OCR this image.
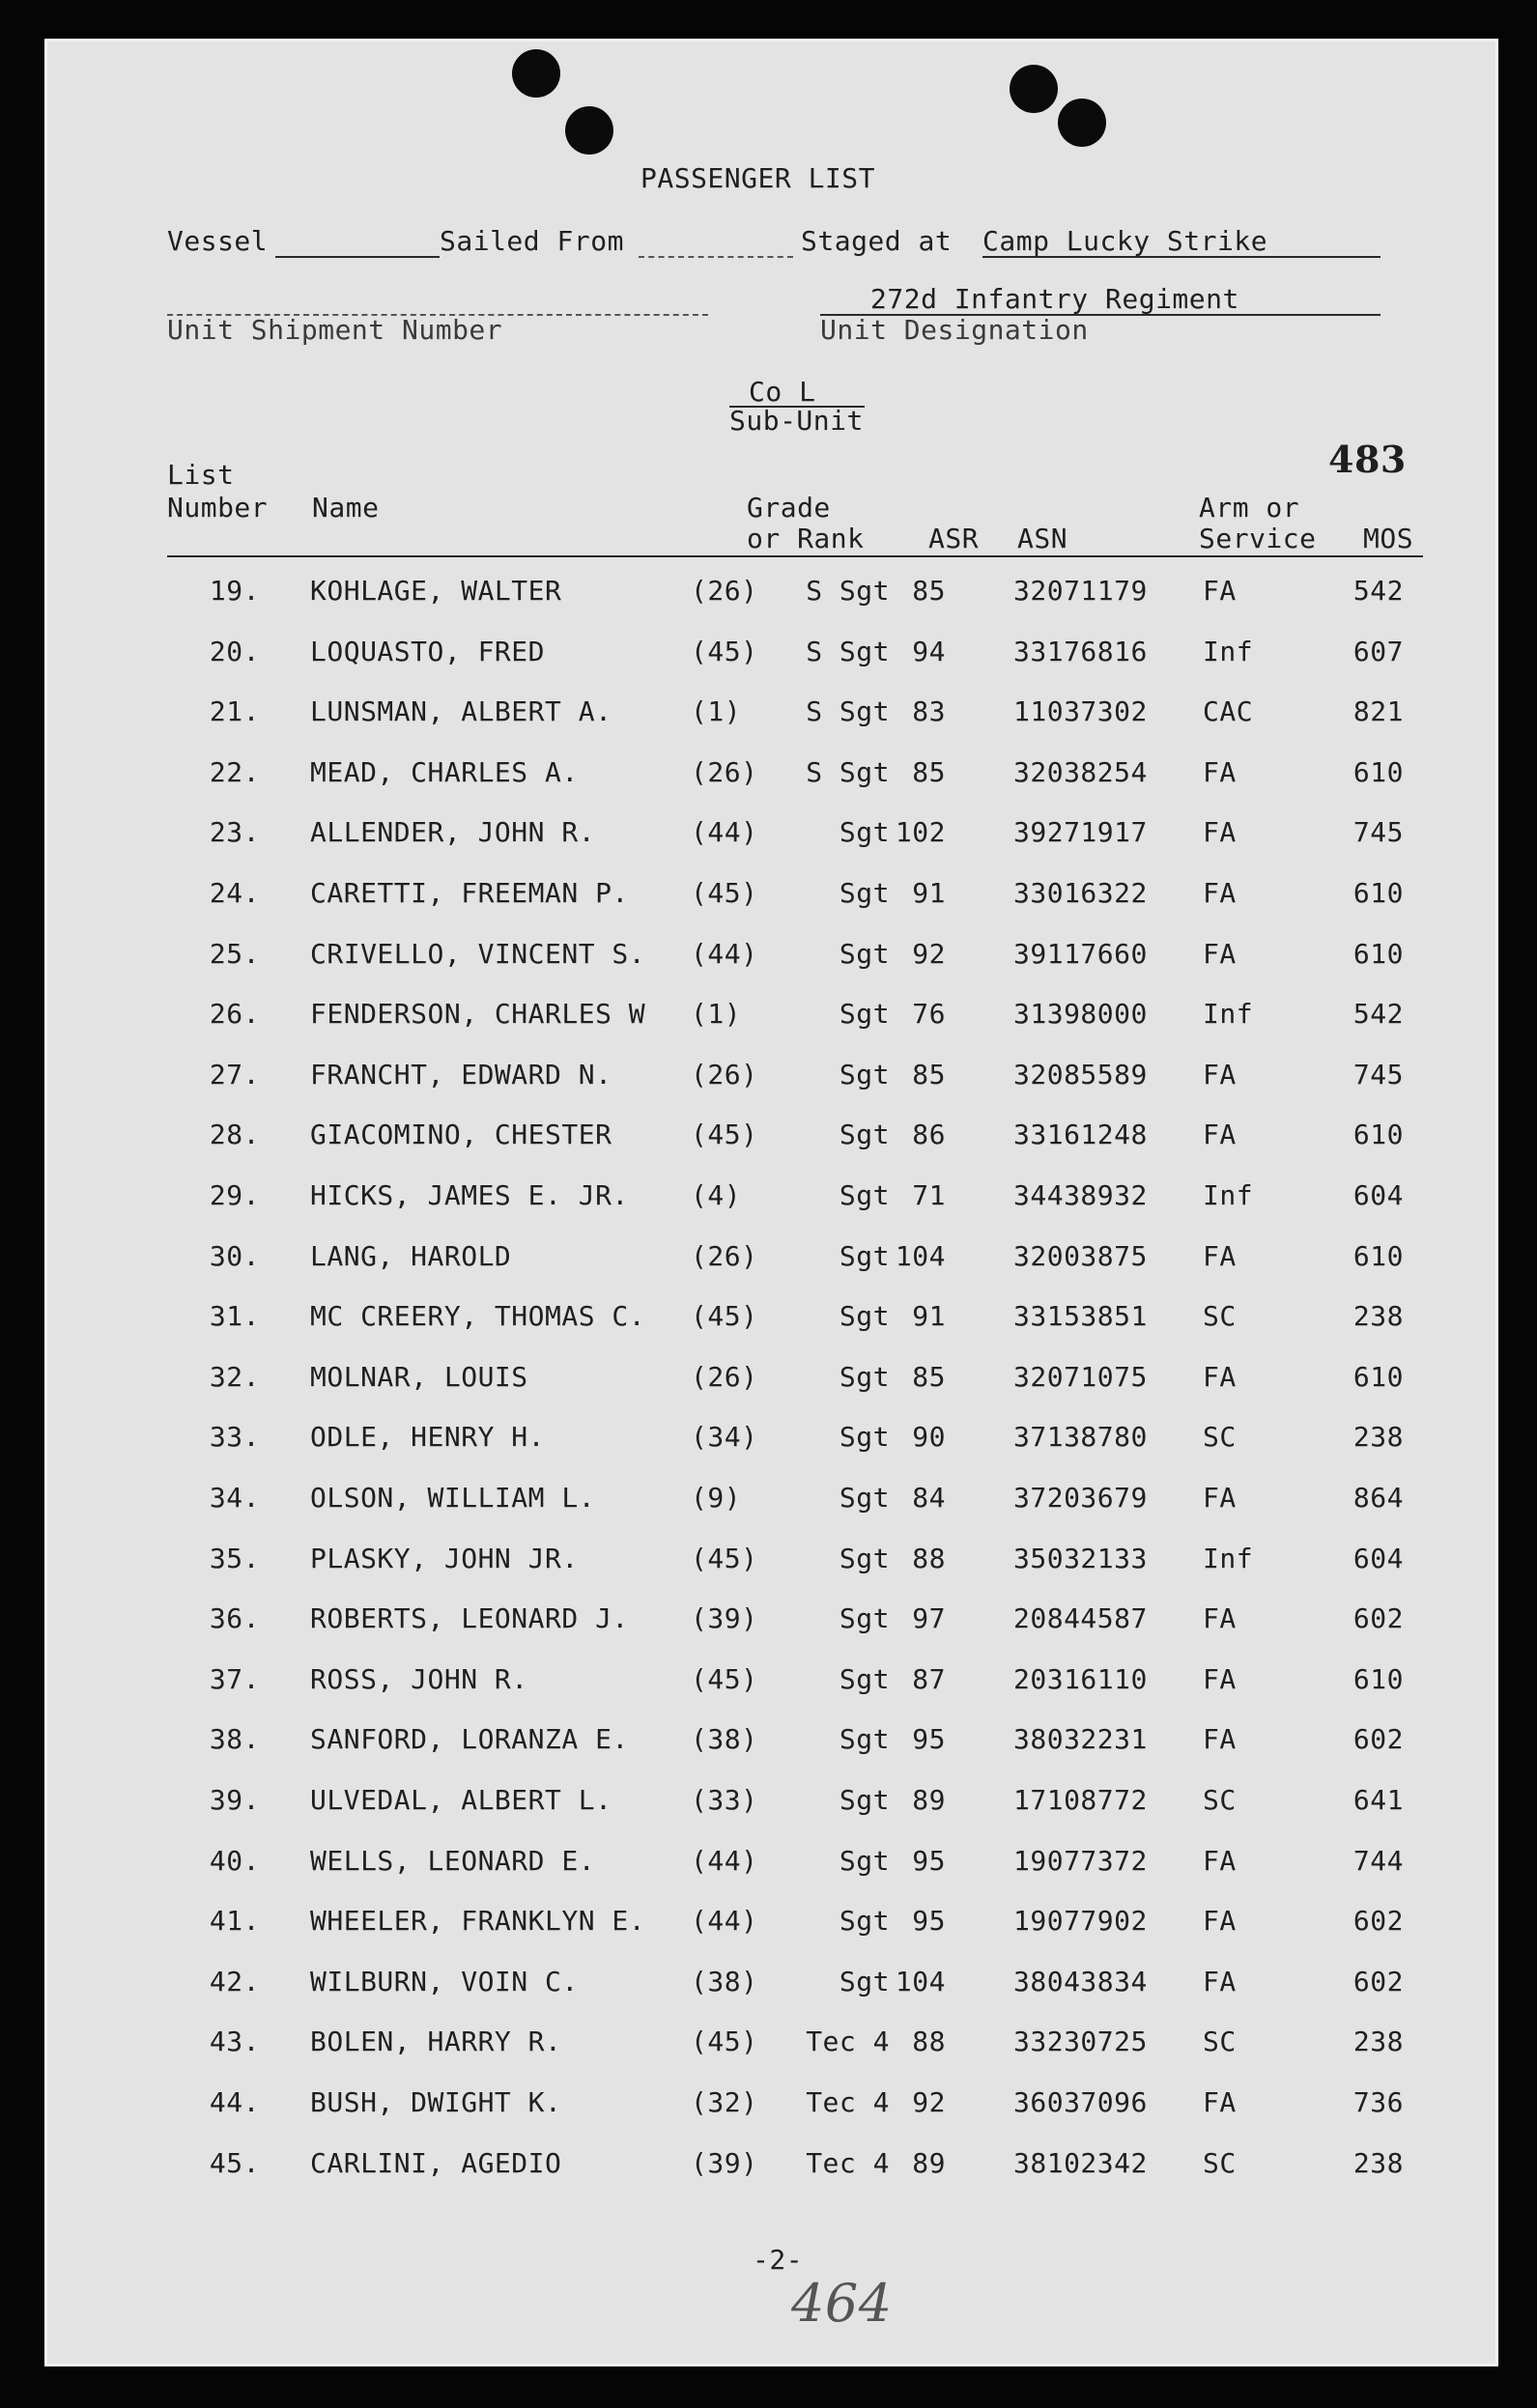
PASSENGER LIST
Vessel	Sailed From	Staged at Camp Lucky Strike
Unit Shipment Number
272d Infantry Regiment
Unit Designation
Co L
Sub-Unit
483
List
Number Name	Grade
or Rank ASR ASN
Arm or
Service MOS
19. KOHLAGE, WALTER	(26)	S Sgt 85	32071179 FA	542
20. LOQUASTO, FRED	(45)	S Sgt 94	33176816 Inf	607
21. LUNSMAN, ALBERT A.	(1)	S Sgt 83	11037302 CAC	821
22. MEAD, CHARLES A.	(26)	S Sgt 85	32038254 FA	610
23. ALLENDER, JOHN R.	(44)	Sgt 102	39271917 FA	745
24. CARETTI, FREEMAN P. (45)	Sgt 91	33016322 FA	610
25. CRIVELLO, VINCENT S. (44)	Sgt 92	39117660 FA	610
26. FENDERSON, CHARLES W (1)	Sgt 76	31398000 Inf	542
27. FRANCHT, EDWARD N.	(26)	Sgt 85	32085589 FA	745
28. GIACOMINO, CHESTER	(45)	Sgt 86	33161248 FA	610
29. HICKS, JAMES E. JR. (4)	Sgt 71	34438932 Inf	604
30. LANG, HAROLD	(26)	Sgt 104	32003875 FA	610
31. MC CREERY, THOMAS C. (45)	Sgt 91	33153851 SC	238
32. MOLNAR, LOUIS	(26)	Sgt 85	32071075 FA	610
33. ODLE, HENRY H.	(34)	Sgt 90	37138780 SC	238
34. OLSON, WILLIAM L.	(9)	Sgt 84	37203679 FA	864
35. PLASKY, JOHN JR.	(45)	Sgt 88	35032133 Inf	604
36. ROBERTS, LEONARD J. (39)	Sgt 97	20844587 FA	602
37. ROSS, JOHN R.	(45)	Sgt 87	20316110 FA	610
38. SANFORD, LORANZA E. (38)	Sgt 95	38032231 FA	602
39. ULVEDAL, ALBERT L.	(33)	Sgt 89	17108772 SC	641
40. WELLS, LEONARD E.	(44)	Sgt 95	19077372 FA	744
41. WHEELER, FRANKLYN E. (44)	Sgt 95	19077902 FA	602
42. WILBURN, VOIN C.	(38)	Sgt 104	38043834 FA	602
43. BOLEN, HARRY R.	(45)	Tec 4 88	33230725 SC	238
44. BUSH, DWIGHT K.	(32)	Tec 4 92	36037096 FA	736
45. CARLINI, AGEDIO	(39)	Tec 4 89	38102342 SC	238
-2-
464
